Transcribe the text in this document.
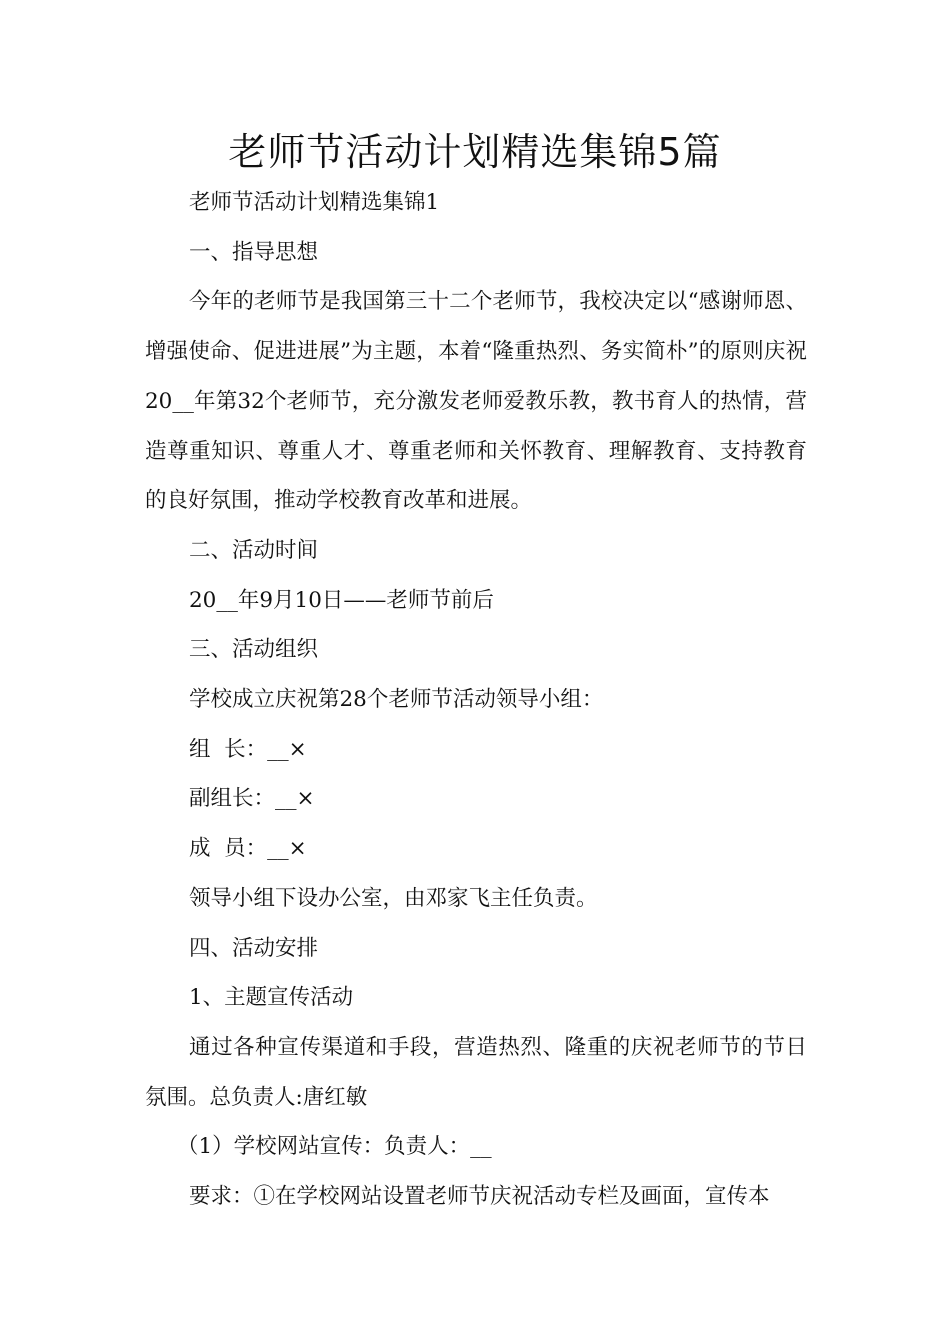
老师节活动计划精选集锦5篇

老师节活动计划精选集锦1

一、指导思想

今年的老师节是我国第三十二个老师节，我校决定以“感谢师恩、增强使命、促进进展”为主题，本着“隆重热烈、务实简朴”的原则庆祝20__年第32个老师节，充分激发老师爱教乐教，教书育人的热情，营造尊重知识、尊重人才、尊重老师和关怀教育、理解教育、支持教育的良好氛围，推动学校教育改革和进展。

二、活动时间

20__年9月10日——老师节前后

三、活动组织

学校成立庆祝第28个老师节活动领导小组：

组  长：__×

副组长：__×

成  员：__×

领导小组下设办公室，由邓家飞主任负责。

四、活动安排

1、主题宣传活动

通过各种宣传渠道和手段，营造热烈、隆重的庆祝老师节的节日氛围。总负责人:唐红敏

（1）学校网站宣传：负责人：__

要求：①在学校网站设置老师节庆祝活动专栏及画面，宣传本
